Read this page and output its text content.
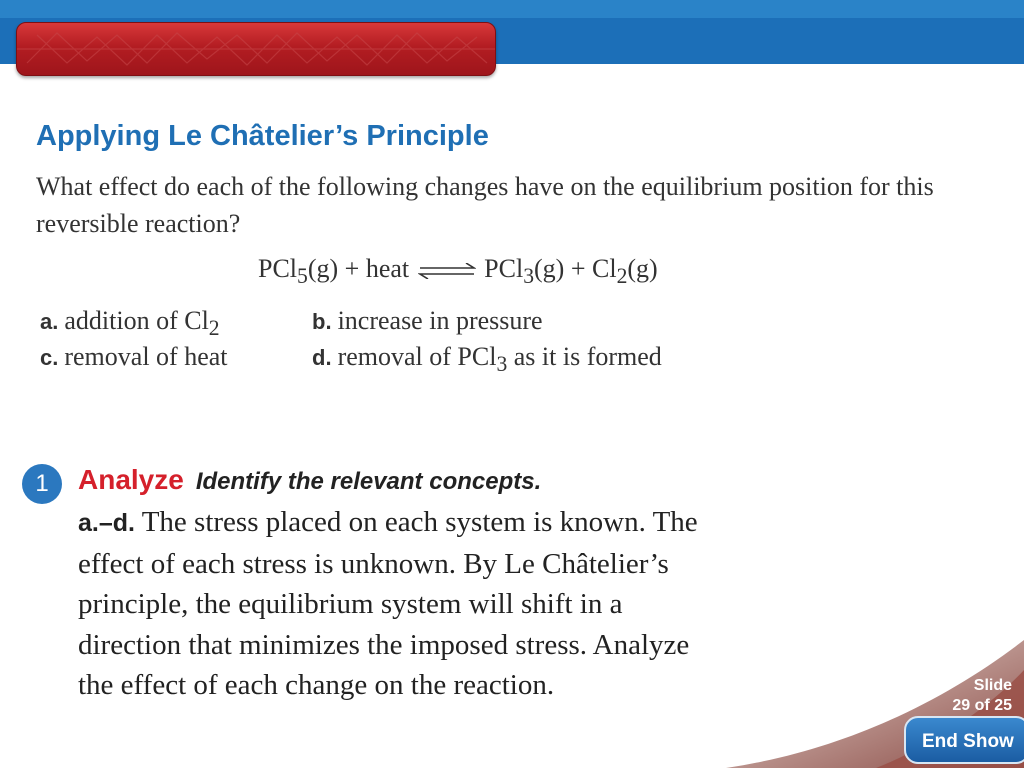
Applying Le Châtelier’s Principle
What effect do each of the following changes have on the equilibrium position for this reversible reaction?
PCl$_5$(g) + heat ⇌ $PCl_3(g) + Cl_2(g)$
a. addition of $Cl_2$	b. increase in pressure
c. removal of heat	d. removal of PCl$_3$ as it is formed
1	Analyze Identify the relevant concepts.
a.–d. The stress placed on each system is known. The effect of each stress is unknown. By Le Châtelier’s principle, the equilibrium system will shift in a direction that minimizes the imposed stress. Analyze the effect of each change on the reaction.	Slide
29 of 25
End Show
